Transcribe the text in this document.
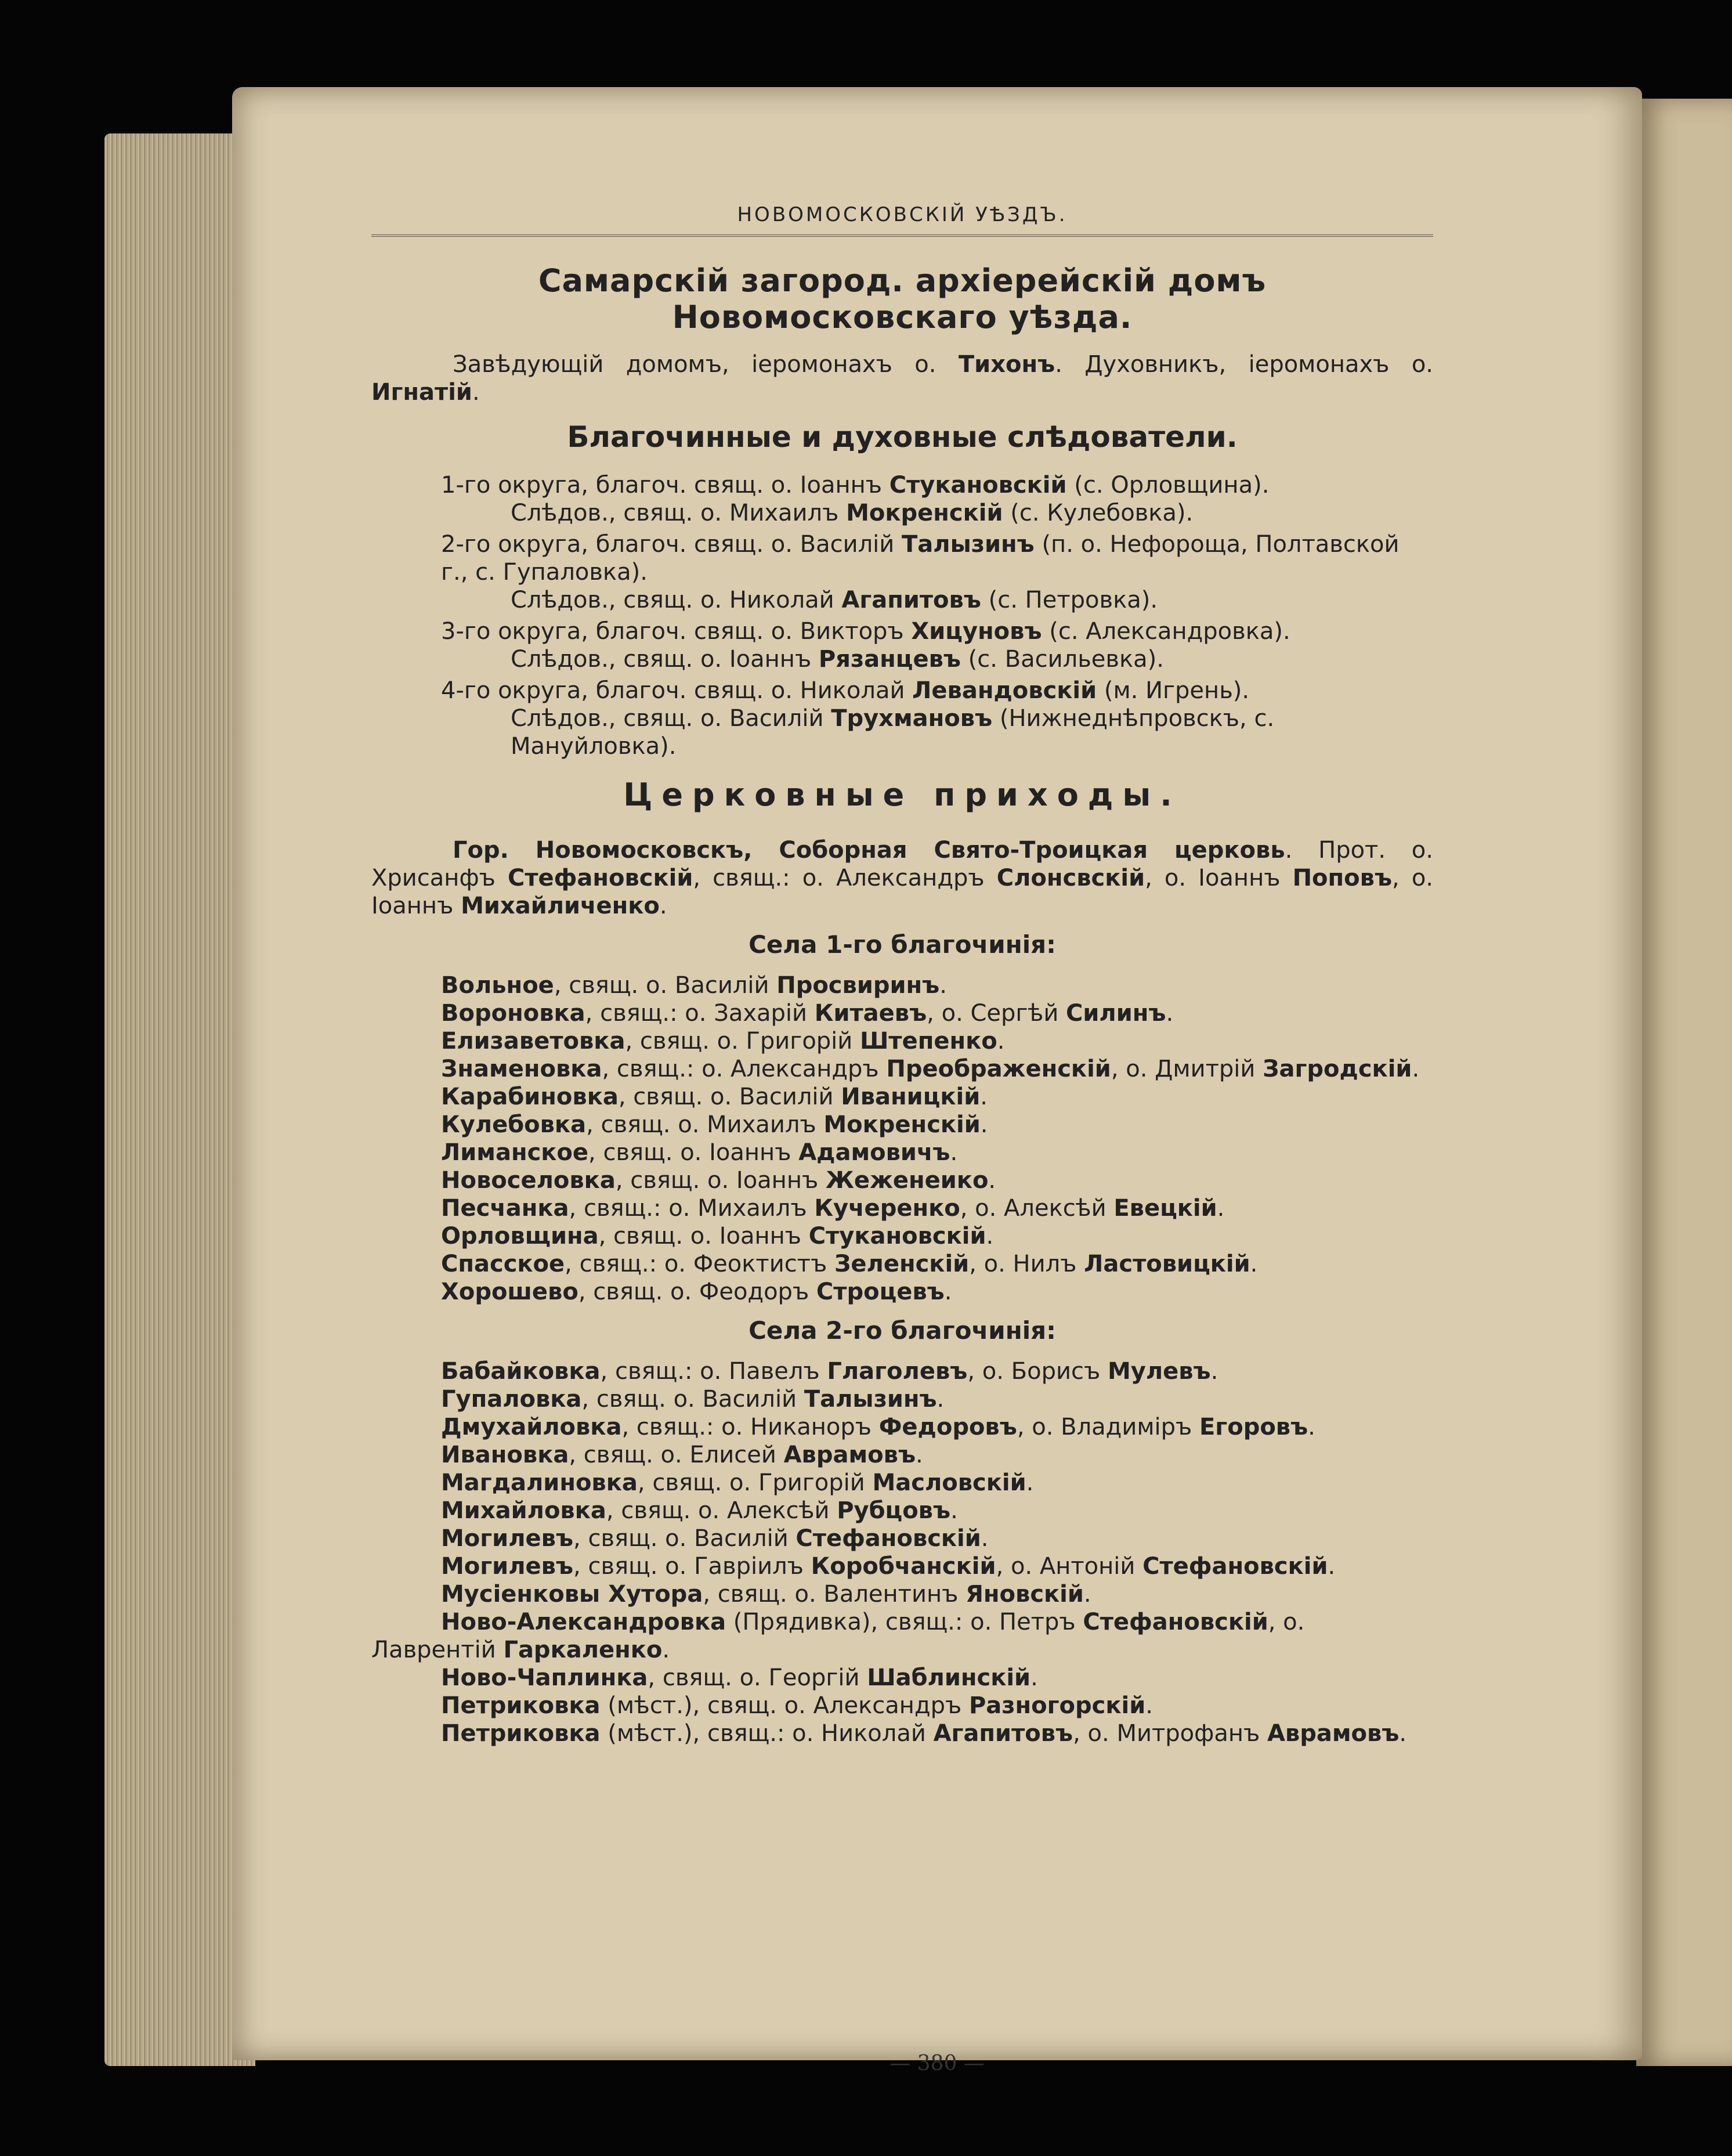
НОВОМОСКОВСКІЙ УѢЗДЪ.
Самарскій загород. архіерейскій домъ Новомосковскаго уѣзда.

Завѣдующій домомъ, іеромонахъ о. Тихонъ. Духовникъ, іеромонахъ о. Игнатій.

Благочинные и духовные слѣдователи.
1-го округа, благоч. свящ. о. Іоаннъ Стукановскій (с. Орловщина).
Слѣдов., свящ. о. Михаилъ Мокренскій (с. Кулебовка).
2-го округа, благоч. свящ. о. Василій Талызинъ (п. о. Нефороща, Полтавской г., с. Гупаловка).
Слѣдов., свящ. о. Николай Агапитовъ (с. Петровка).
3-го округа, благоч. свящ. о. Викторъ Хицуновъ (с. Александровка).
Слѣдов., свящ. о. Іоаннъ Рязанцевъ (с. Васильевка).
4-го округа, благоч. свящ. о. Николай Левандовскій (м. Игрень).
Слѣдов., свящ. о. Василій Трухмановъ (Нижнеднѣпровскъ, с. Мануйловка).
Церковные приходы.

Гор. Новомосковскъ, Соборная Свято-Троицкая церковь. Прот. о. Хрисанфъ Стефановскій, свящ.: о. Александръ Слонсвскій, о. Іоаннъ Поповъ, о. Іоаннъ Михайличенко.

Села 1-го благочинія:

Вольное, свящ. о. Василій Просвиринъ.

Вороновка, свящ.: о. Захарій Китаевъ, о. Сергѣй Силинъ.

Елизаветовка, свящ. о. Григорій Штепенко.

Знаменовка, свящ.: о. Александръ Преображенскій, о. Дмитрій Загродскій.

Карабиновка, свящ. о. Василій Иваницкій.

Кулебовка, свящ. о. Михаилъ Мокренскій.

Лиманское, свящ. о. Іоаннъ Адамовичъ.

Новоселовка, свящ. о. Іоаннъ Жеженеико.

Песчанка, свящ.: о. Михаилъ Кучеренко, о. Алексѣй Евецкій.

Орловщина, свящ. о. Іоаннъ Стукановскій.

Спасское, свящ.: о. Феоктистъ Зеленскій, о. Нилъ Ластовицкій.

Хорошево, свящ. о. Феодоръ Строцевъ.

Села 2-го благочинія:

Бабайковка, свящ.: о. Павелъ Глаголевъ, о. Борисъ Мулевъ.

Гупаловка, свящ. о. Василій Талызинъ.

Дмухайловка, свящ.: о. Никаноръ Федоровъ, о. Владиміръ Егоровъ.

Ивановка, свящ. о. Елисей Аврамовъ.

Магдалиновка, свящ. о. Григорій Масловскій.

Михайловка, свящ. о. Алексѣй Рубцовъ.

Могилевъ, свящ. о. Василій Стефановскій.

Могилевъ, свящ. о. Гавріилъ Коробчанскій, о. Антоній Стефановскій.

Мусіенковы Хутора, свящ. о. Валентинъ Яновскій.

Ново-Александровка (Прядивка), свящ.: о. Петръ Стефановскій, о. Лаврентій Гаркаленко.

Ново-Чаплинка, свящ. о. Георгій Шаблинскій.

Петриковка (мѣст.), свящ. о. Александръ Разногорскій.

Петриковка (мѣст.), свящ.: о. Николай Агапитовъ, о. Митрофанъ Аврамовъ.

— 380 —
